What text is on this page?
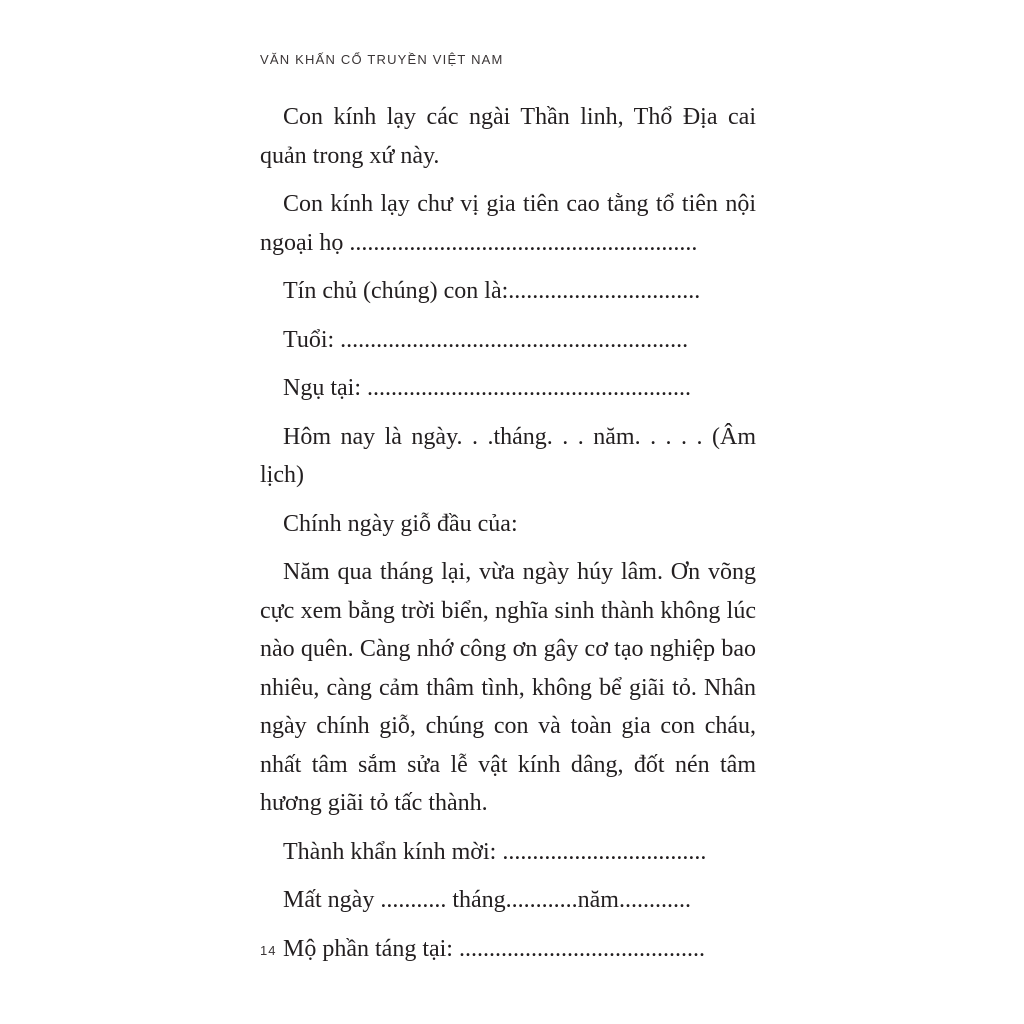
VĂN KHẤN CỔ TRUYỀN VIỆT NAM

Con kính lạy các ngài Thần linh, Thổ Địa cai quản trong xứ này.

Con kính lạy chư vị gia tiên cao tằng tổ tiên nội ngoại họ ..........................................................

Tín chủ (chúng) con là:................................

Tuổi: ..........................................................

Ngụ tại: ......................................................

Hôm nay là ngày. . .tháng. . . năm. . . . . (Âm lịch)

Chính ngày giỗ đầu của:

Năm qua tháng lại, vừa ngày húy lâm. Ơn võng cực xem bằng trời biển, nghĩa sinh thành không lúc nào quên. Càng nhớ công ơn gây cơ tạo nghiệp bao nhiêu, càng cảm thâm tình, không bể giãi tỏ. Nhân ngày chính giỗ, chúng con và toàn gia con cháu, nhất tâm sắm sửa lễ vật kính dâng, đốt nén tâm hương giãi tỏ tấc thành.

Thành khẩn kính mời: ..................................

Mất ngày ........... tháng............năm............

Mộ phần táng tại: .........................................

14
